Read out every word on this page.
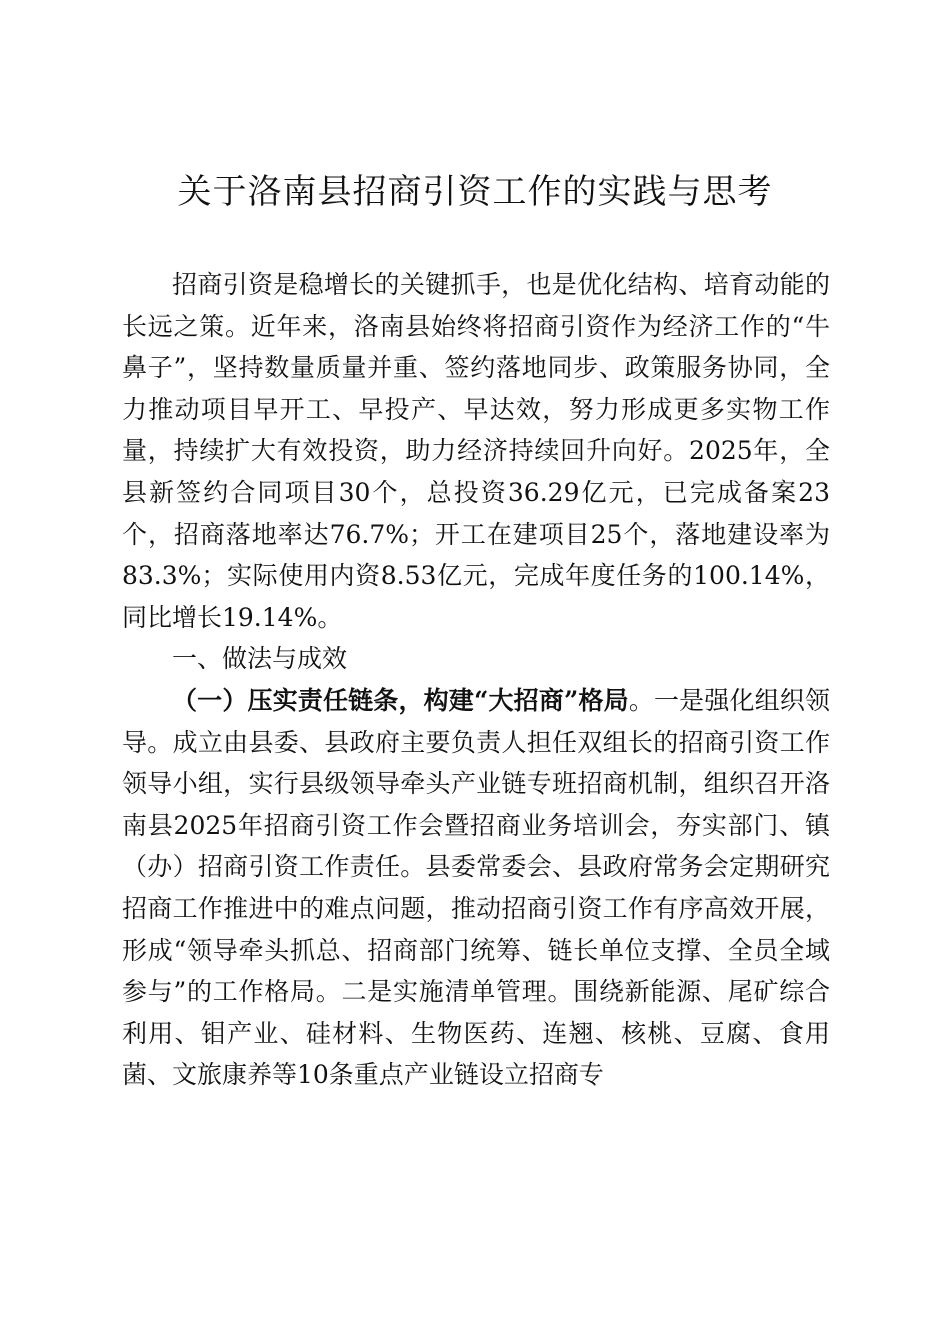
关于洛南县招商引资工作的实践与思考

招商引资是稳增长的关键抓手，也是优化结构、培育动能的长远之策。近年来，洛南县始终将招商引资作为经济工作的“牛鼻子”，坚持数量质量并重、签约落地同步、政策服务协同，全力推动项目早开工、早投产、早达效，努力形成更多实物工作量，持续扩大有效投资，助力经济持续回升向好。2025年，全县新签约合同项目30个，总投资36.29亿元，已完成备案23个，招商落地率达76.7%；开工在建项目25个，落地建设率为83.3%；实际使用内资8.53亿元，完成年度任务的100.14%，同比增长19.14%。

一、做法与成效

（一）压实责任链条，构建“大招商”格局。一是强化组织领导。成立由县委、县政府主要负责人担任双组长的招商引资工作领导小组，实行县级领导牵头产业链专班招商机制，组织召开洛南县2025年招商引资工作会暨招商业务培训会，夯实部门、镇（办）招商引资工作责任。县委常委会、县政府常务会定期研究招商工作推进中的难点问题，推动招商引资工作有序高效开展，形成“领导牵头抓总、招商部门统筹、链长单位支撑、全员全域参与”的工作格局。二是实施清单管理。围绕新能源、尾矿综合利用、钼产业、硅材料、生物医药、连翘、核桃、豆腐、食用菌、文旅康养等10条重点产业链设立招商专
